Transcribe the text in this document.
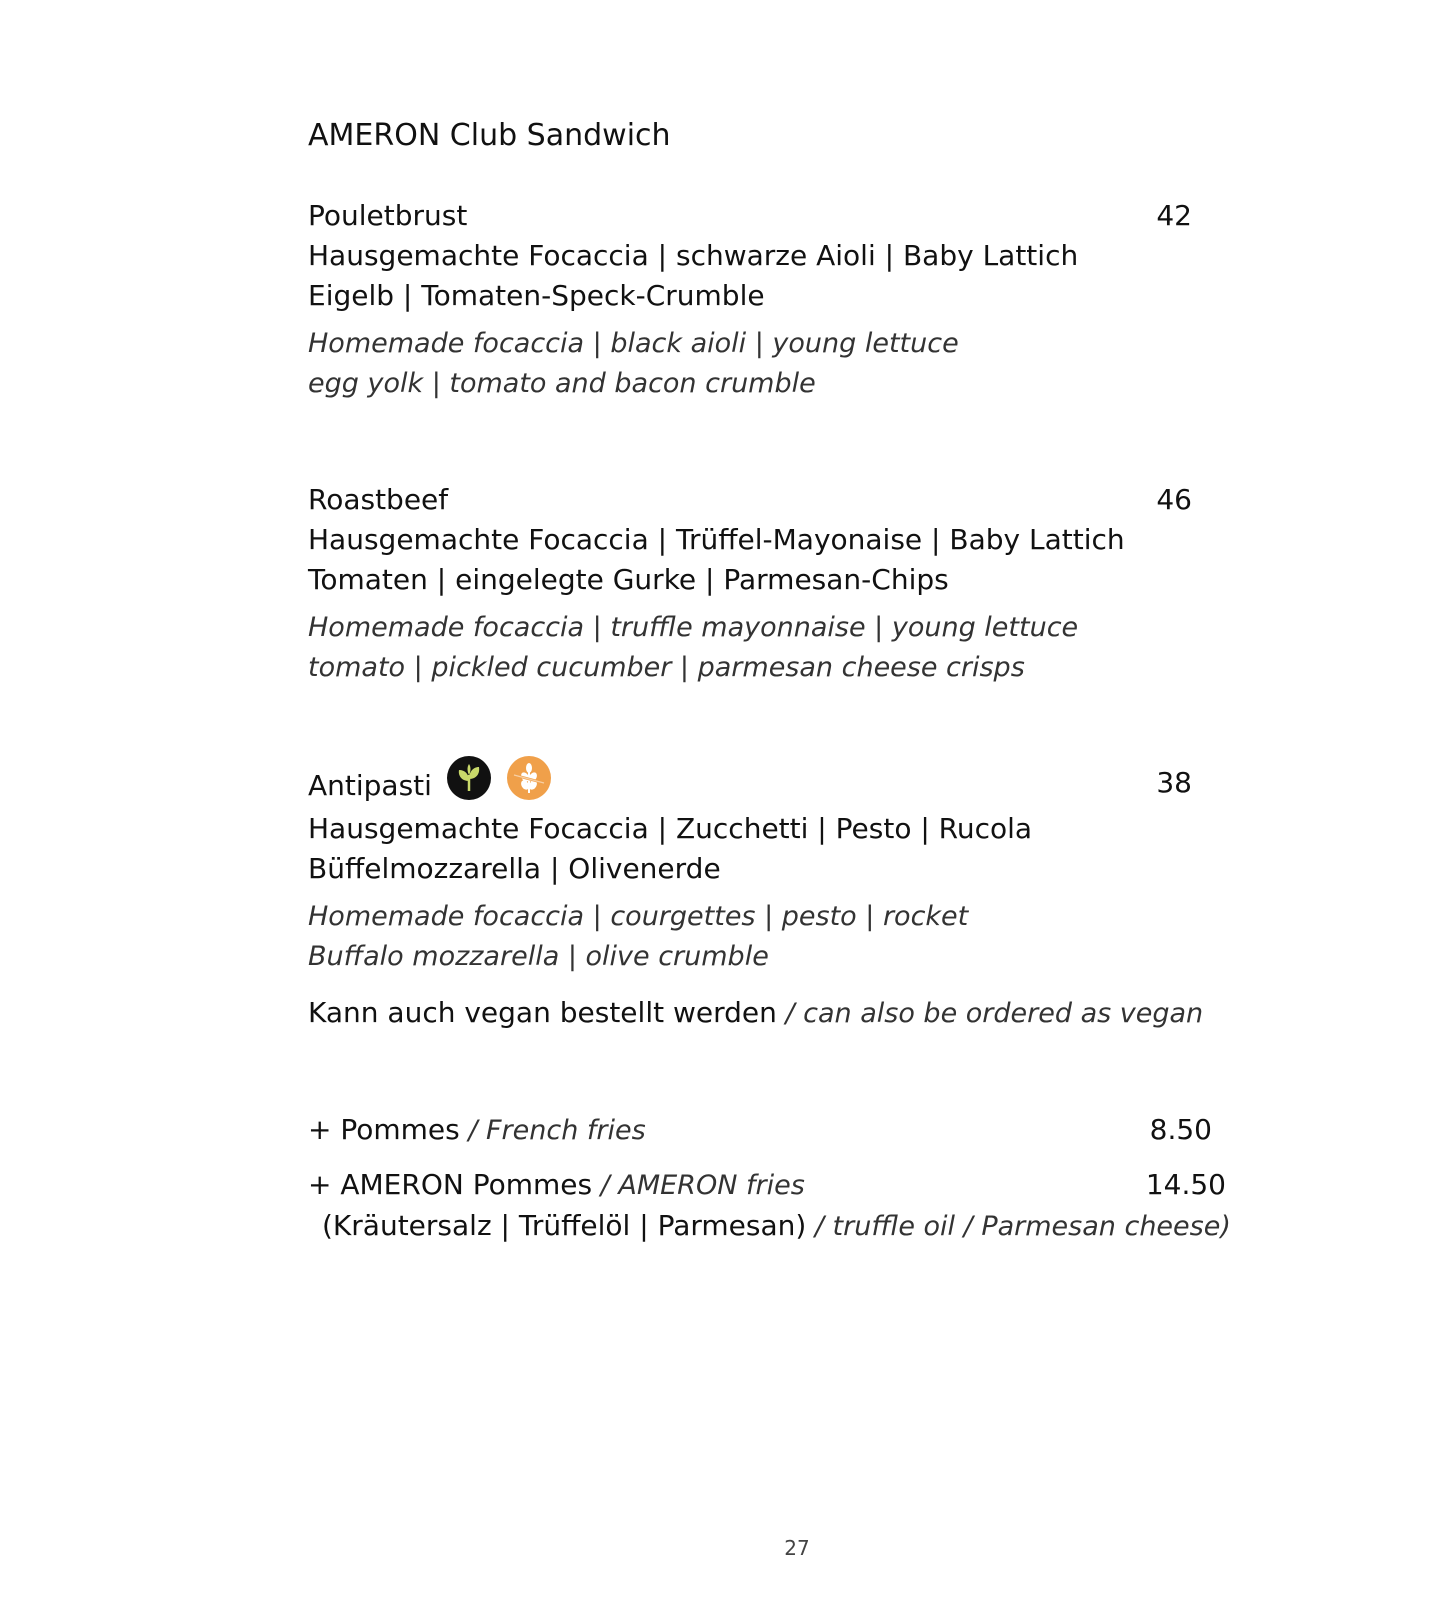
AMERON Club Sandwich
Pouletbrust	42
Hausgemachte Focaccia | schwarze Aioli | Baby Lattich
Eigelb | Tomaten-Speck-Crumble
Homemade focaccia | black aioli | young lettuce
egg yolk | tomato and bacon crumble
Roastbeef	46
Hausgemachte Focaccia | Trüffel-Mayonaise | Baby Lattich
Tomaten | eingelegte Gurke | Parmesan-Chips
Homemade focaccia | truffle mayonnaise | young lettuce
tomato | pickled cucumber | parmesan cheese crisps
Antipasti	38
Hausgemachte Focaccia | Zucchetti | Pesto | Rucola
Büffelmozzarella | Olivenerde
Homemade focaccia | courgettes | pesto | rocket
Buffalo mozzarella | olive crumble
Kann auch vegan bestellt werden / can also be ordered as vegan
+ Pommes / French fries	8.50
+ AMERON Pommes / AMERON fries	14.50
(Kräutersalz | Trüffelöl | Parmesan) / truffle oil / Parmesan cheese)
27
